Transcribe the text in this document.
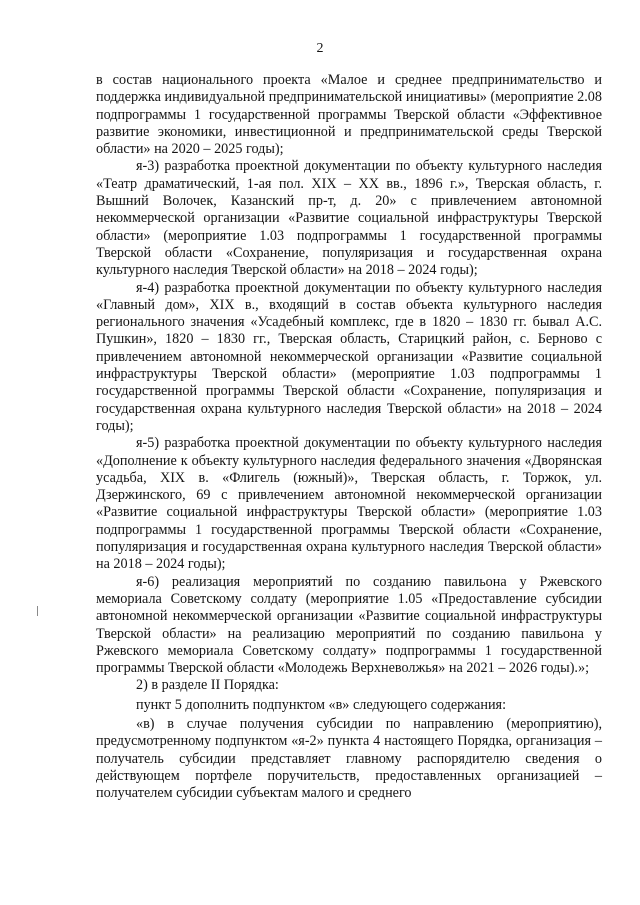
2

в состав национального проекта «Малое и среднее предпринимательство и поддержка индивидуальной предпринимательской инициативы» (мероприятие 2.08 подпрограммы 1 государственной программы Тверской области «Эффективное развитие экономики, инвестиционной и предпринимательской среды Тверской области» на 2020 – 2025 годы);

я-3) разработка проектной документации по объекту культурного наследия «Театр драматический, 1-ая пол. XIX – XX вв., 1896 г.», Тверская область, г. Вышний Волочек, Казанский пр-т, д. 20» с привлечением автономной некоммерческой организации «Развитие социальной инфраструктуры Тверской области» (мероприятие 1.03 подпрограммы 1 государственной программы Тверской области «Сохранение, популяризация и государственная охрана культурного наследия Тверской области» на 2018 – 2024 годы);

я-4) разработка проектной документации по объекту культурного наследия «Главный дом», XIX в., входящий в состав объекта культурного наследия регионального значения «Усадебный комплекс, где в 1820 – 1830 гг. бывал А.С. Пушкин», 1820 – 1830 гг., Тверская область, Старицкий район, с. Берново с привлечением автономной некоммерческой организации «Развитие социальной инфраструктуры Тверской области» (мероприятие 1.03 подпрограммы 1 государственной программы Тверской области «Сохранение, популяризация и государственная охрана культурного наследия Тверской области» на 2018 – 2024 годы);

я-5) разработка проектной документации по объекту культурного наследия «Дополнение к объекту культурного наследия федерального значения «Дворянская усадьба, XIX в. «Флигель (южный)», Тверская область, г. Торжок, ул. Дзержинского, 69 с привлечением автономной некоммерческой организации «Развитие социальной инфраструктуры Тверской области» (мероприятие 1.03 подпрограммы 1 государственной программы Тверской области «Сохранение, популяризация и государственная охрана культурного наследия Тверской области» на 2018 – 2024 годы);

я-6) реализация мероприятий по созданию павильона у Ржевского мемориала Советскому солдату (мероприятие 1.05 «Предоставление субсидии автономной некоммерческой организации «Развитие социальной инфраструктуры Тверской области» на реализацию мероприятий по созданию павильона у Ржевского мемориала Советскому солдату» подпрограммы 1 государственной программы Тверской области «Молодежь Верхневолжья» на 2021 – 2026 годы).»;

2) в разделе II Порядка:

пункт 5 дополнить подпунктом «в» следующего содержания:

«в) в случае получения субсидии по направлению (мероприятию), предусмотренному подпунктом «я-2» пункта 4 настоящего Порядка, организация – получатель субсидии представляет главному распорядителю сведения о действующем портфеле поручительств, предоставленных организацией – получателем субсидии субъектам малого и среднего
